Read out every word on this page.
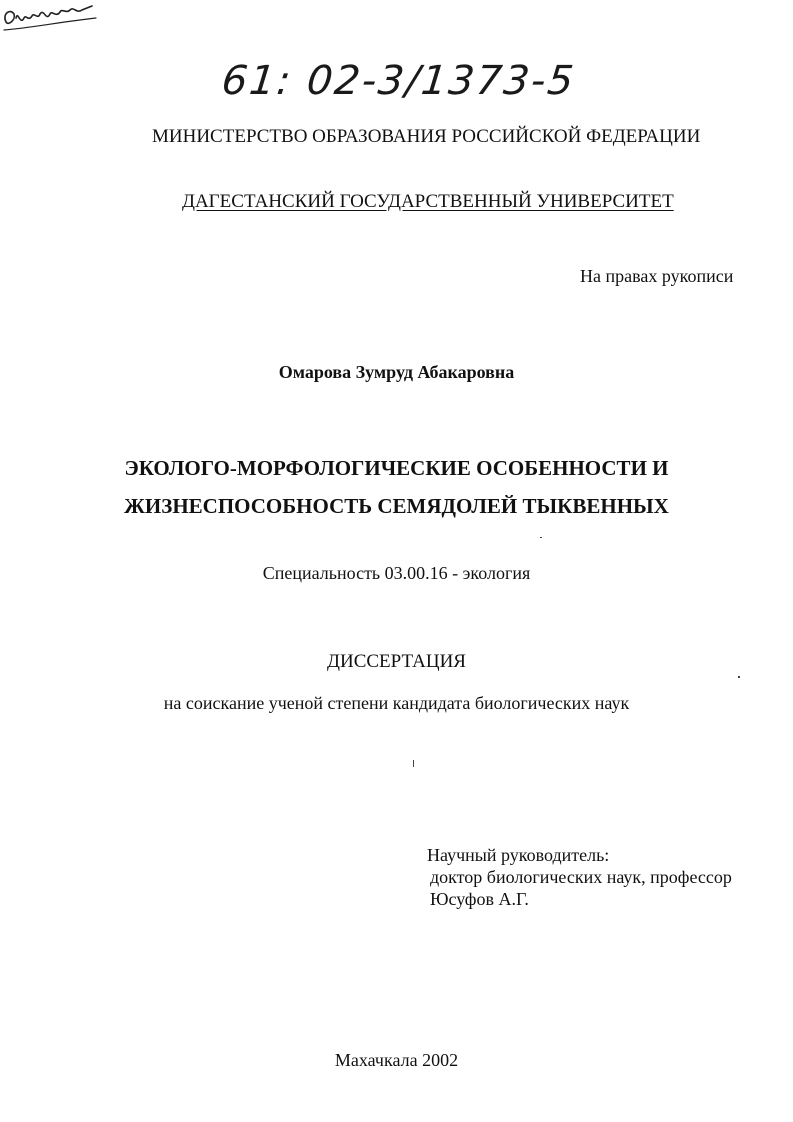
61: 02-3/1373-5
МИНИСТЕРСТВО ОБРАЗОВАНИЯ РОССИЙСКОЙ ФЕДЕРАЦИИ
ДАГЕСТАНСКИЙ ГОСУДАРСТВЕННЫЙ УНИВЕРСИТЕТ
На правах рукописи
Омарова Зумруд Абакаровна
ЭКОЛОГО-МОРФОЛОГИЧЕСКИЕ ОСОБЕННОСТИ И
ЖИЗНЕСПОСОБНОСТЬ СЕМЯДОЛЕЙ ТЫКВЕННЫХ
Специальность 03.00.16 - экология
ДИССЕРТАЦИЯ
на соискание ученой степени кандидата биологических наук
Научный руководитель:
доктор биологических наук, профессор
Юсуфов А.Г.
Махачкала 2002
